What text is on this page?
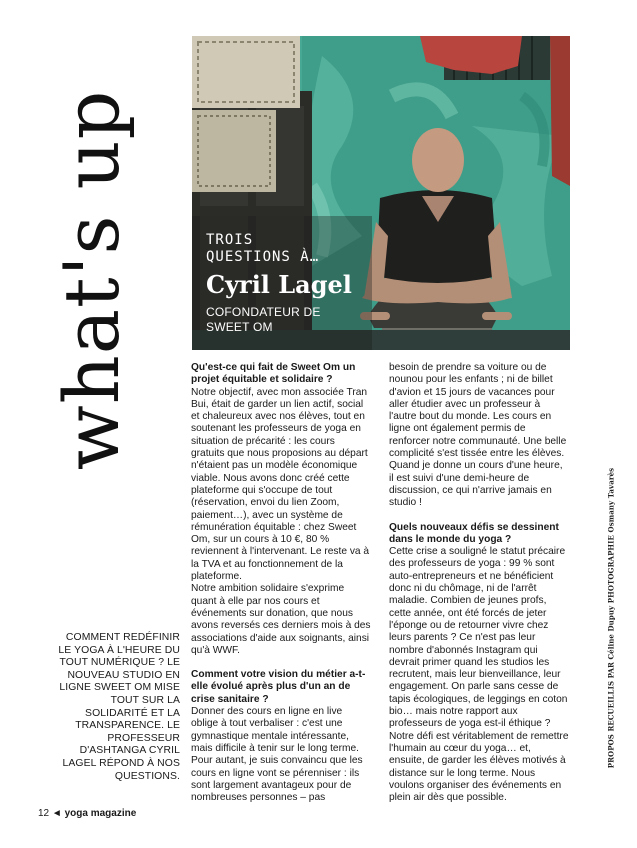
what's up	TROIS QUESTIONS À…
Cyril Lagel
COFONDATEUR DE SWEET OM
COMMENT REDÉFINIR LE YOGA À L'HEURE DU TOUT NUMÉRIQUE ? LE NOUVEAU STUDIO EN LIGNE SWEET OM MISE TOUT SUR LA SOLIDARITÉ ET LA TRANSPARENCE. LE PROFESSEUR D'ASHTANGA CYRIL LAGEL RÉPOND À NOS QUESTIONS.

Qu'est-ce qui fait de Sweet Om un projet équitable et solidaire ?

Notre objectif, avec mon associée Tran Bui, était de garder un lien actif, social et chaleureux avec nos élèves, tout en soutenant les professeurs de yoga en situation de précarité : les cours gratuits que nous proposions au départ n'étaient pas un modèle économique viable. Nous avons donc créé cette plateforme qui s'occupe de tout (réservation, envoi du lien Zoom, paiement…), avec un système de rémunération équitable : chez Sweet Om, sur un cours à 10 €, 80 % reviennent à l'intervenant. Le reste va à la TVA et au fonctionnement de la plateforme.

Notre ambition solidaire s'exprime quant à elle par nos cours et événements sur donation, que nous avons reversés ces derniers mois à des associations d'aide aux soignants, ainsi qu'à WWF.

Comment votre vision du métier a-t-elle évolué après plus d'un an de crise sanitaire ?

Donner des cours en ligne en live oblige à tout verbaliser : c'est une gymnastique mentale intéressante, mais difficile à tenir sur le long terme. Pour autant, je suis convaincu que les cours en ligne vont se pérenniser : ils sont largement avantageux pour de nombreuses personnes – pas

besoin de prendre sa voiture ou de nounou pour les enfants ; ni de billet d'avion et 15 jours de vacances pour aller étudier avec un professeur à l'autre bout du monde. Les cours en ligne ont également permis de renforcer notre communauté. Une belle complicité s'est tissée entre les élèves. Quand je donne un cours d'une heure, il est suivi d'une demi-heure de discussion, ce qui n'arrive jamais en studio !

Quels nouveaux défis se dessinent dans le monde du yoga ?

Cette crise a souligné le statut précaire des professeurs de yoga : 99 % sont auto-entrepreneurs et ne bénéficient donc ni du chômage, ni de l'arrêt maladie. Combien de jeunes profs, cette année, ont été forcés de jeter l'éponge ou de retourner vivre chez leurs parents ? Ce n'est pas leur nombre d'abonnés Instagram qui devrait primer quand les studios les recrutent, mais leur bienveillance, leur engagement. On parle sans cesse de tapis écologiques, de leggings en coton bio… mais notre rapport aux professeurs de yoga est-il éthique ? Notre défi est véritablement de remettre l'humain au cœur du yoga… et, ensuite, de garder les élèves motivés à distance sur le long terme. Nous voulons organiser des événements en plein air dès que possible.

PROPOS RECUEILLIS PAR Céline Dupuy PHOTOGRAPHIE Osmany Tavarès
12 ◄ yoga magazine
